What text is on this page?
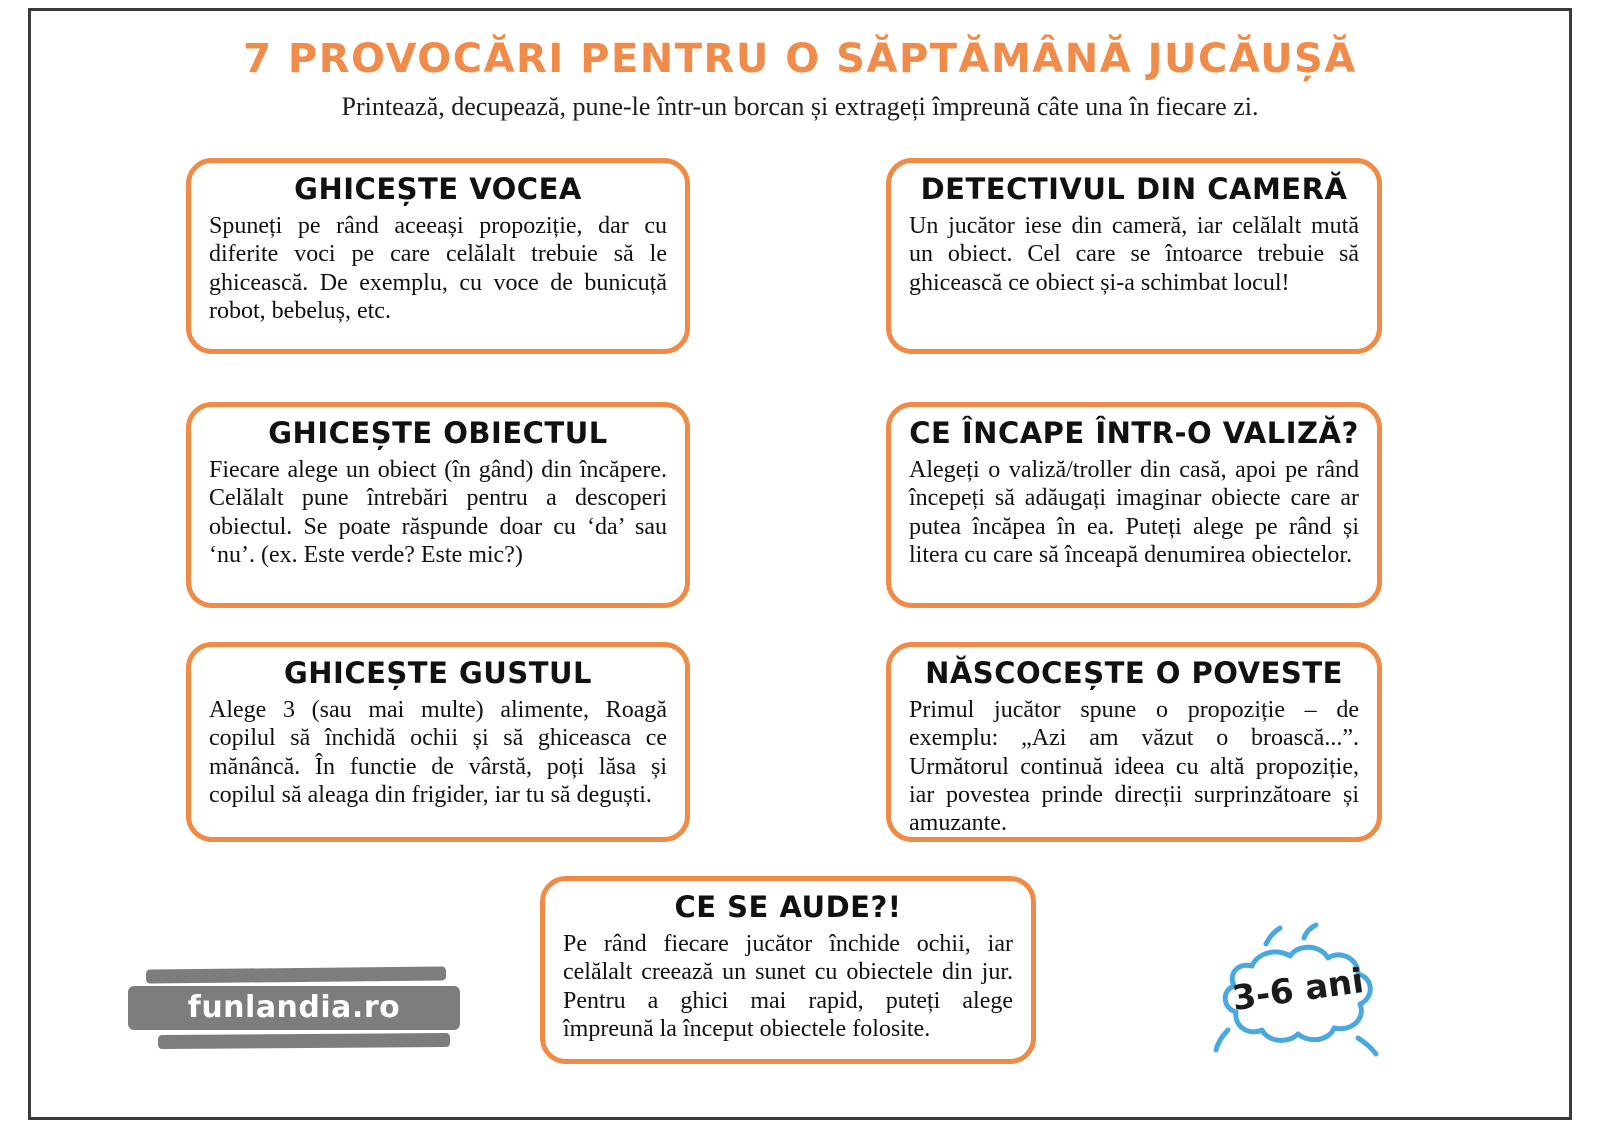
7 PROVOCĂRI PENTRU O SĂPTĂMÂNĂ JUCĂUȘĂ
Printează, decupează, pune-le într-un borcan și extrageți împreună câte una în fiecare zi.
GHICEȘTE VOCEA
Spuneți pe rând aceeași propoziție, dar cu diferite voci pe care celălalt trebuie să le ghicească. De exemplu, cu voce de bunicuță robot, bebeluș, etc.
DETECTIVUL DIN CAMERĂ
Un jucător iese din cameră, iar celălalt mută un obiect. Cel care se întoarce trebuie să ghicească ce obiect și-a schimbat locul!
GHICEȘTE OBIECTUL
Fiecare alege un obiect (în gând) din încăpere. Celălalt pune întrebări pentru a descoperi obiectul. Se poate răspunde doar cu ‘da’ sau ‘nu’. (ex. Este verde? Este mic?)
CE ÎNCAPE ÎNTR-O VALIZĂ?
Alegeți o valiză/troller din casă, apoi pe rând începeți să adăugați imaginar obiecte care ar putea încăpea în ea. Puteți alege pe rând și litera cu care să înceapă denumirea obiectelor.
GHICEȘTE GUSTUL
Alege 3 (sau mai multe) alimente, Roagă copilul să închidă ochii și să ghiceasca ce mănâncă. În functie de vârstă, poți lăsa și copilul să aleaga din frigider, iar tu să deguști.
NĂSCOCEȘTE O POVESTE
Primul jucător spune o propoziție – de exemplu: „Azi am văzut o broască...”. Următorul continuă ideea cu altă propoziție, iar povestea prinde direcții surprinzătoare și amuzante.
CE SE AUDE?!
Pe rând fiecare jucător închide ochii, iar celălalt creează un sunet cu obiectele din jur. Pentru a ghici mai rapid, puteți alege împreună la început obiectele folosite.
funlandia.ro	3-6 ani
